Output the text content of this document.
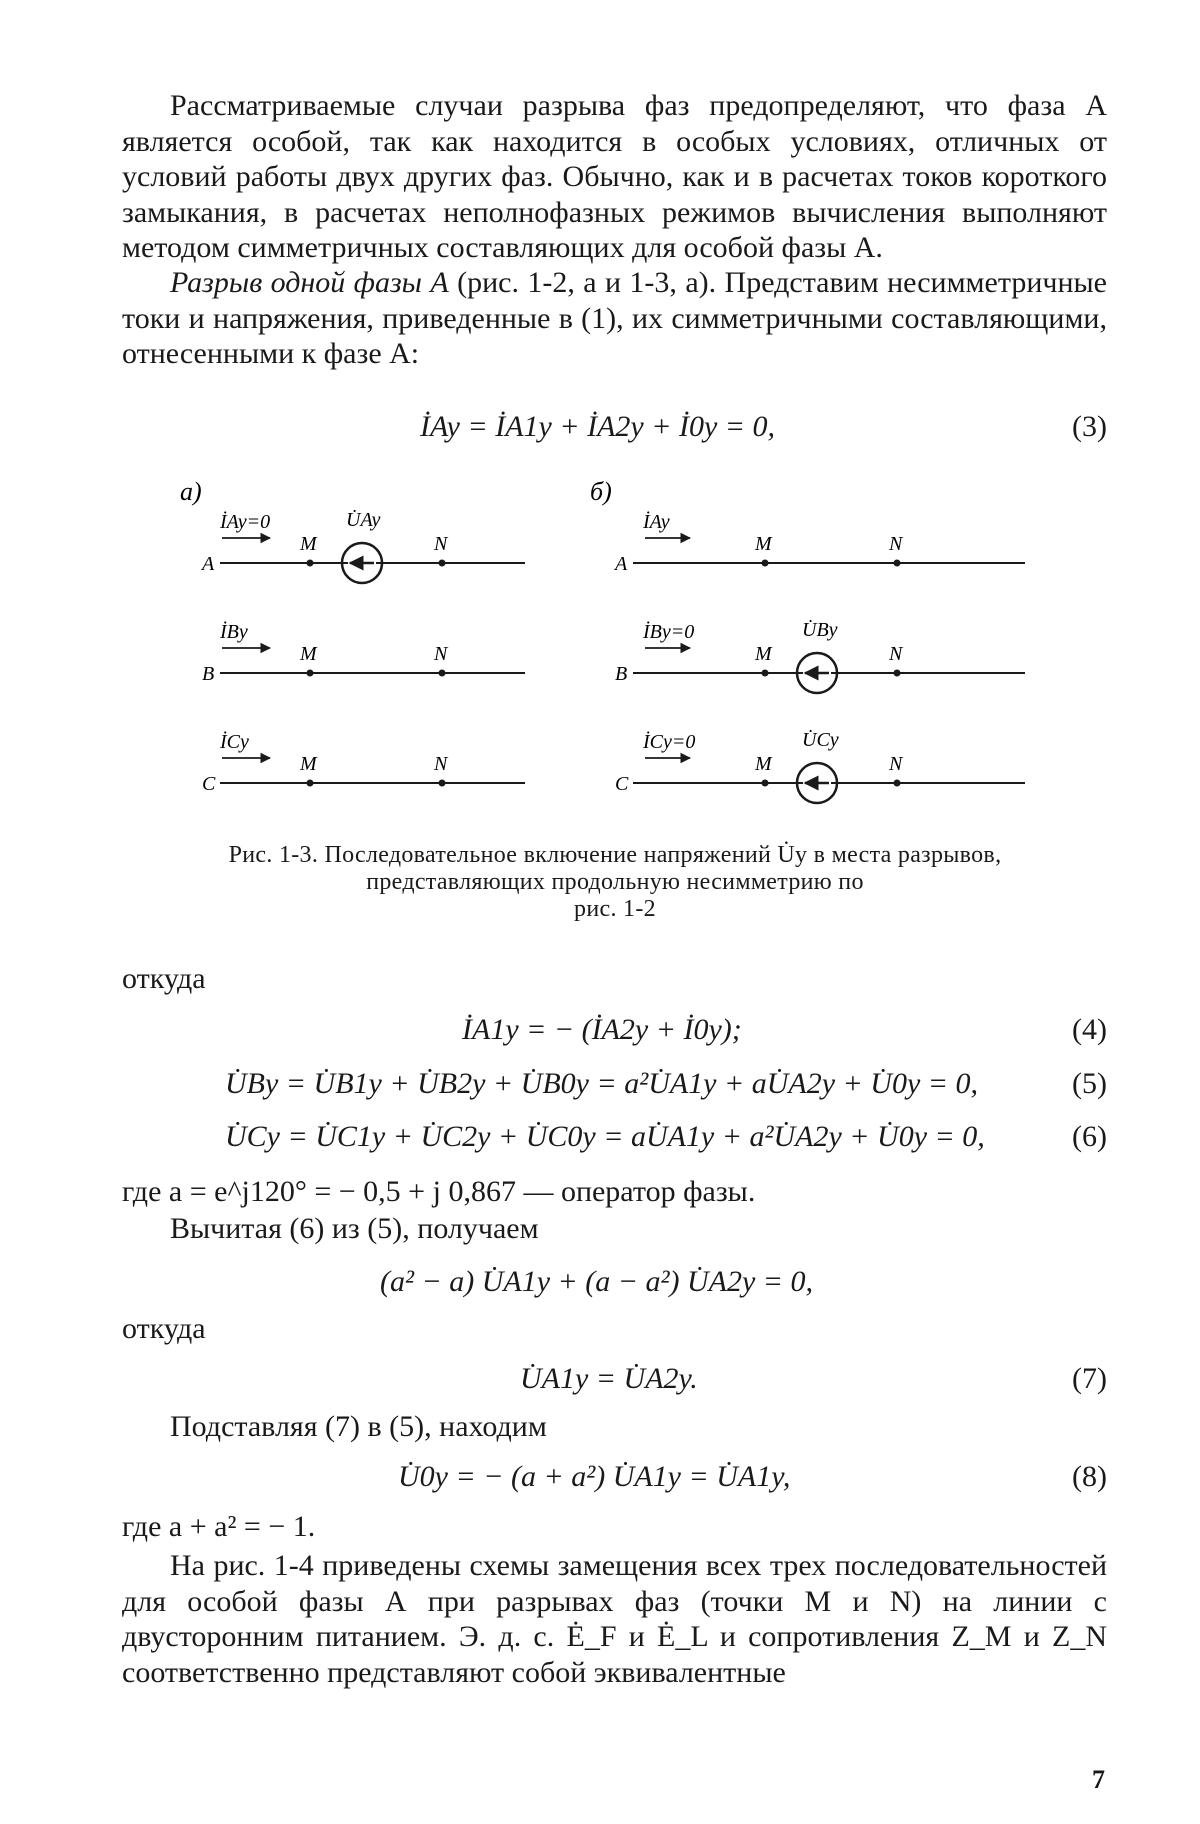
Рассматриваемые случаи разрыва фаз предопределяют, что фаза А является особой, так как находится в особых условиях, отличных от условий работы двух других фаз. Обычно, как и в расчетах токов короткого замыкания, в расчетах неполнофазных режимов вычисления выполняют методом симметричных составляющих для особой фазы А.

Разрыв одной фазы А (рис. 1-2, а и 1-3, а). Представим несимметричные токи и напряжения, приведенные в (1), их симметричными составляющими, отнесенными к фазе А:

İAy = İA1y + İA2y + İ0y = 0,	(3)
а)	б)
A
M	N
İAy=0	U̇Ay
B
M	N
İBy
C
M	N
İCy
A
M	N
İAy
B
M	N
İBy=0	U̇By
C
M	N
İCy=0	U̇Cy

Рис. 1-3. Последовательное включение напряжений U̇y в места разрывов, представляющих продольную несимметрию по
рис. 1-2

откуда
İA1y = − (İA2y + İ0y);	(4)
U̇By = U̇B1y + U̇B2y + U̇B0y = a²U̇A1y + aU̇A2y + U̇0y = 0,	(5)
U̇Cy = U̇C1y + U̇C2y + U̇C0y = aU̇A1y + a²U̇A2y + U̇0y = 0,	(6)
где a = e^j120° = − 0,5 + j 0,867 — оператор фазы.
Вычитая (6) из (5), получаем
(a² − a) U̇A1y + (a − a²) U̇A2y = 0,
откуда
U̇A1y = U̇A2y.	(7)
Подставляя (7) в (5), находим
U̇0y = − (a + a²) U̇A1y = U̇A1y,	(8)
где a + a² = − 1.

На рис. 1-4 приведены схемы замещения всех трех последовательностей для особой фазы А при разрывах фаз (точки M и N) на линии с двусторонним питанием. Э. д. с. Ė_F и Ė_L и сопротивления Z_M и Z_N соответственно представляют собой эквивалентные

7
